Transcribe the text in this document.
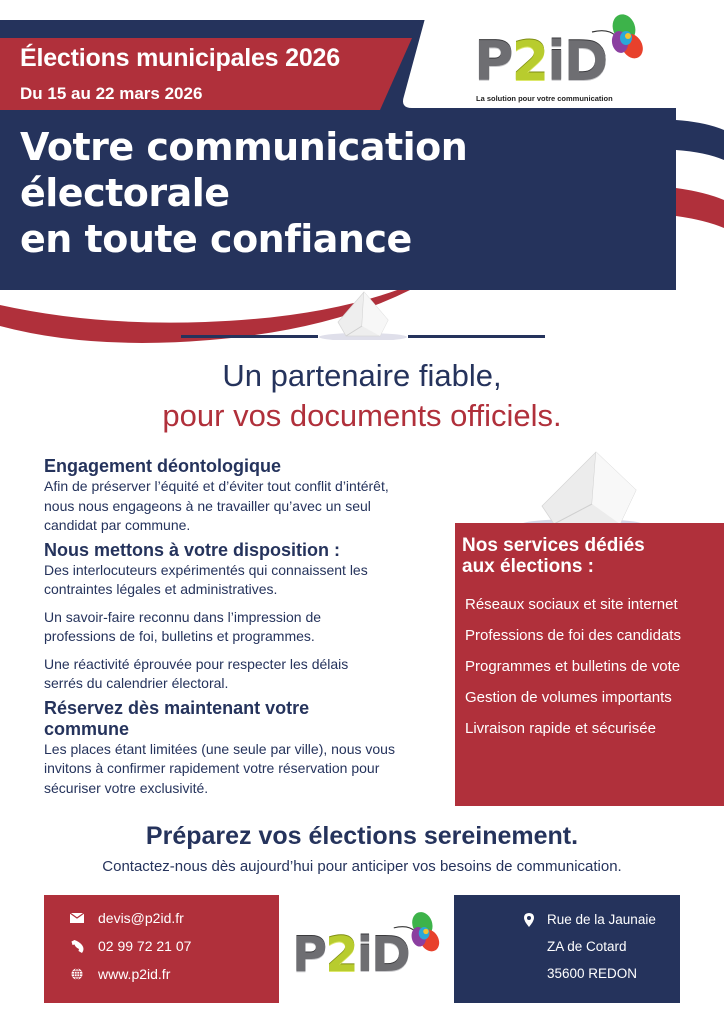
Élections municipales 2026
Du 15 au 22 mars 2026
Votre communication
électorale
en toute confiance
P2iD
La solution pour votre communication
Un partenaire fiable,
pour vos documents officiels.
Engagement déontologique
Afin de préserver l’équité et d’éviter tout conflit d’intérêt, nous nous engageons à ne travailler qu’avec un seul candidat par commune.
Nous mettons à votre disposition :
Des interlocuteurs expérimentés qui connaissent les contraintes légales et administratives.
Un savoir-faire reconnu dans l’impression de professions de foi, bulletins et programmes.
Une réactivité éprouvée pour respecter les délais serrés du calendrier électoral.
Réservez dès maintenant votre commune
Les places étant limitées (une seule par ville), nous vous invitons à confirmer rapidement votre réservation pour sécuriser votre exclusivité.
Nos services dédiés
aux élections :
Réseaux sociaux et site internet
Professions de foi des candidats
Programmes et bulletins de vote
Gestion de volumes importants
Livraison rapide et sécurisée
Préparez vos élections sereinement.
Contactez-nous dès aujourd’hui pour anticiper vos besoins de communication.
devis@p2id.fr
02 99 72 21 07
www.p2id.fr	P2iD
Rue de la Jaunaie
ZA de Cotard
35600 REDON
